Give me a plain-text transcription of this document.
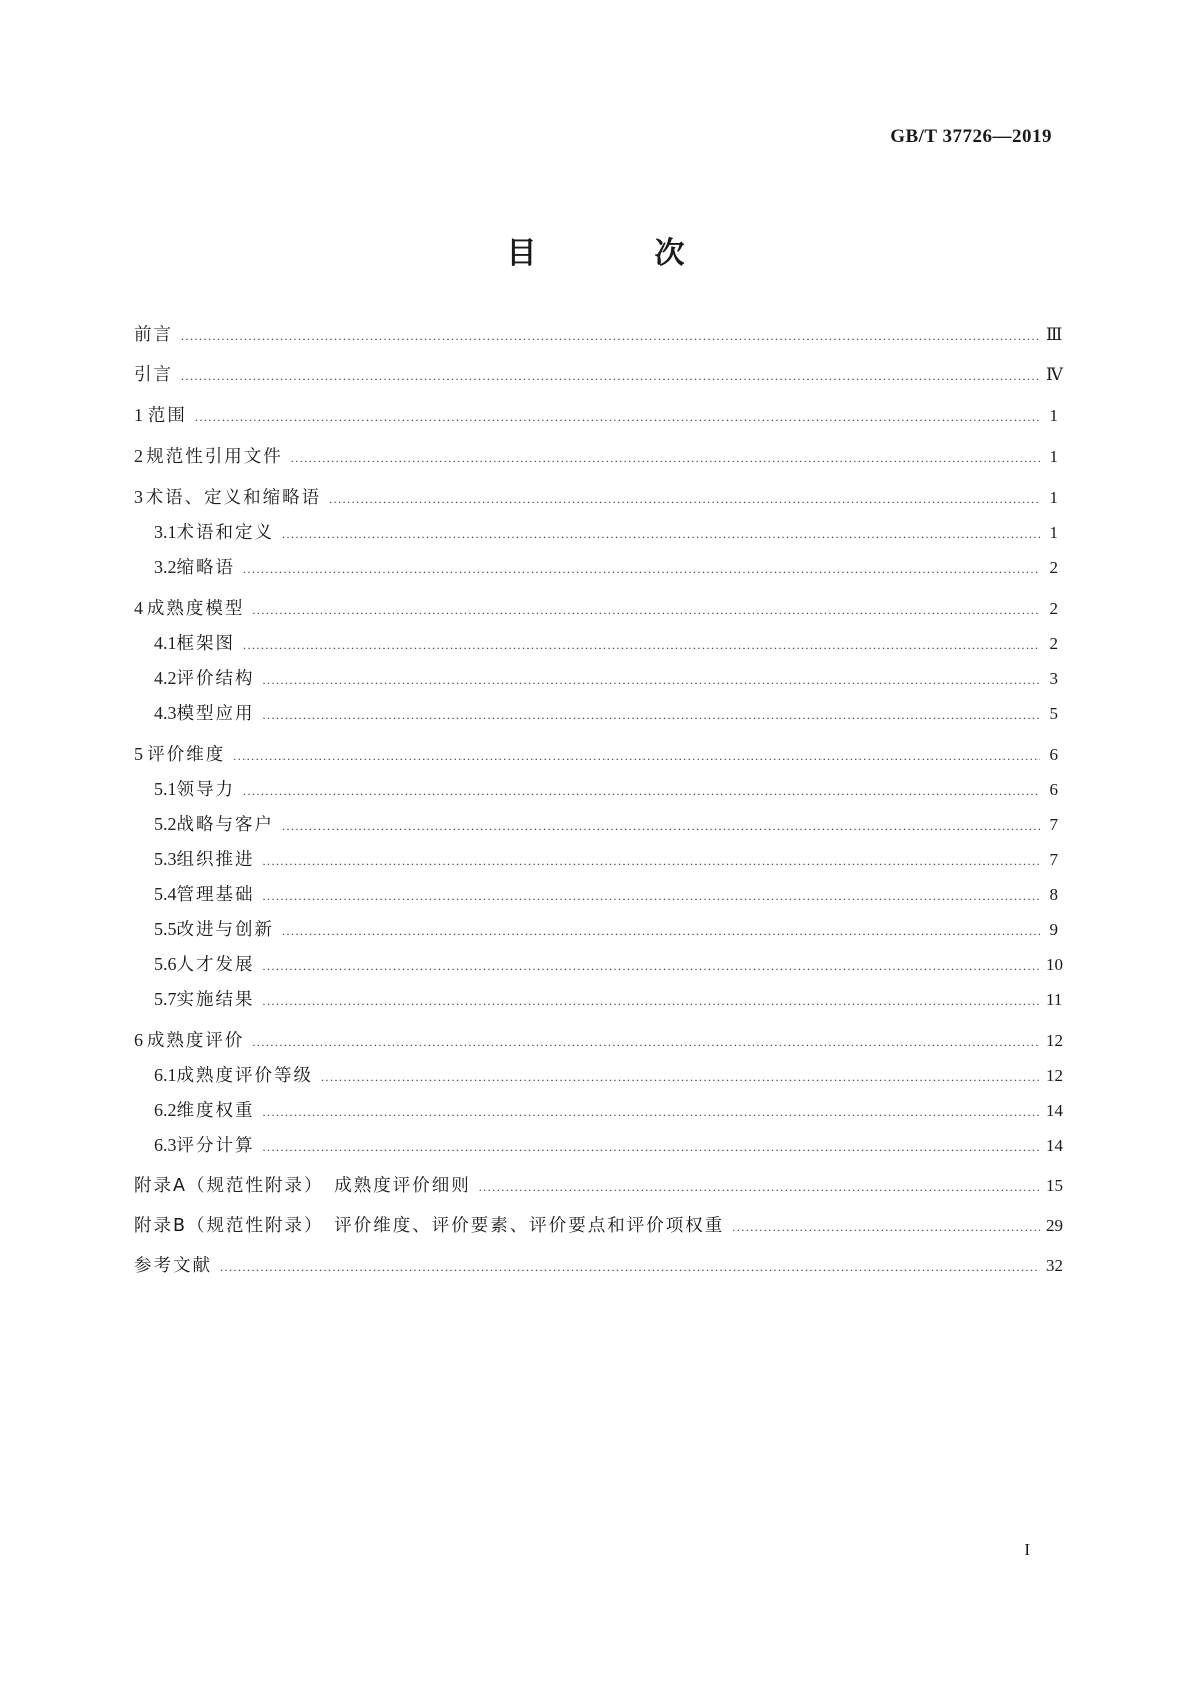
GB/T 37726—2019
目　次
前言 .....	Ⅲ
引言 .....	Ⅳ
1 范围 .....	1
2 规范性引用文件 .....	1
3 术语、定义和缩略语 .....	1
3.1 术语和定义 .....	1
3.2 缩略语 .....	2
4 成熟度模型 .....	2
4.1 框架图 .....	2
4.2 评价结构 .....	3
4.3 模型应用 .....	5
5 评价维度 .....	6
5.1 领导力 .....	6
5.2 战略与客户 .....	7
5.3 组织推进 .....	7
5.4 管理基础 .....	8
5.5 改进与创新 .....	9
5.6 人才发展 .....	10
5.7 实施结果 .....	11
6 成熟度评价 .....	12
6.1 成熟度评价等级 .....	12
6.2 维度权重 .....	14
6.3 评分计算 .....	14
附录A（规范性附录）　成熟度评价细则 .....	15
附录B（规范性附录）　评价维度、评价要素、评价要点和评价项权重 .....	29
参考文献 .....	32
I
